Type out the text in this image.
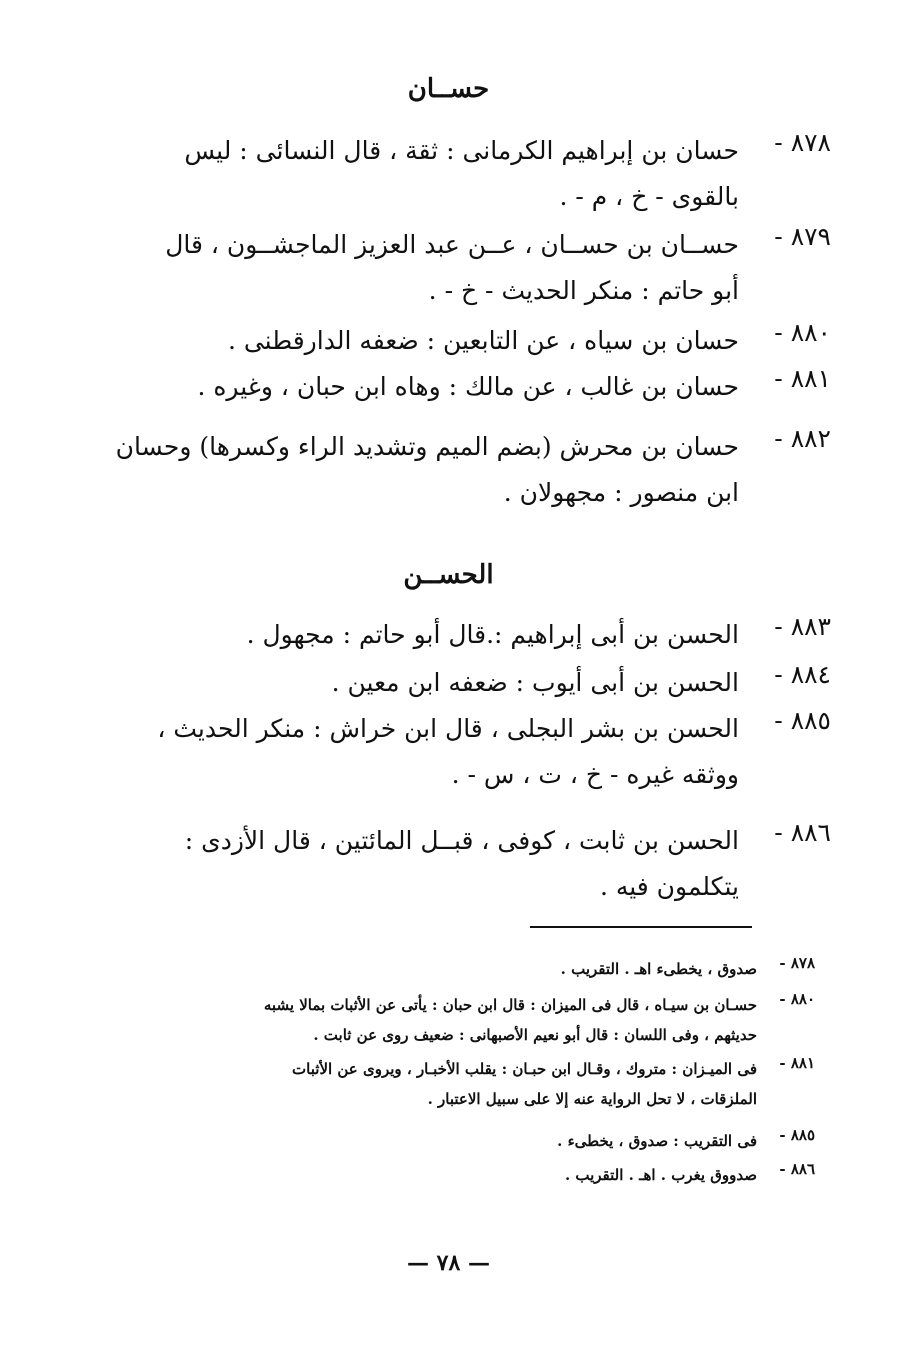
حســان
٨٧٨ -
حسان بن إبراهيم الكرمانى : ثقة ، قال النسائى : ليس
بالقوى - خ ، م - .
٨٧٩ -
حســان بن حســان ، عــن عبد العزيز الماجشــون ، قال
أبو حاتم : منكر الحديث - خ - .
٨٨٠ -
حسان بن سياه ، عن التابعين : ضعفه الدارقطنى .
٨٨١ -
حسان بن غالب ، عن مالك : وهاه ابن حبان ، وغيره .
٨٨٢ -
حسان بن محرش (بضم الميم وتشديد الراء وكسرها) وحسان
ابن منصور : مجهولان .
الحســن
٨٨٣ -
الحسن بن أبى إبراهيم :.قال أبو حاتم : مجهول .
٨٨٤ -
الحسن بن أبى أيوب : ضعفه ابن معين .
٨٨٥ -
الحسن بن بشر البجلى ، قال ابن خراش : منكر الحديث ،
ووثقه غيره - خ ، ت ، س - .
٨٨٦ -
الحسن بن ثابت ، كوفى ، قبــل المائتين ، قال الأزدى :
يتكلمون فيه .
٨٧٨ -
صدوق ، يخطىء اهـ . التقريب .
٨٨٠ -
حسـان بن سيـاه ، قال فى الميزان : قال ابن حبان : يأتى عن الأثبات بمالا يشبه
حديثهم ، وفى اللسان : قال أبو نعيم الأصبهانى : ضعيف روى عن ثابت .
٨٨١ -
فى الميـزان : متروك ، وقـال ابن حبـان : يقلب الأخبـار ، ويروى عن الأثبات
الملزقات ، لا تحل الرواية عنه إلا على سبيل الاعتبار .
٨٨٥ -
فى التقريب : صدوق ، يخطىء .
٨٨٦ -
صدووق يغرب . اهـ . التقريب .
— ٧٨ —
